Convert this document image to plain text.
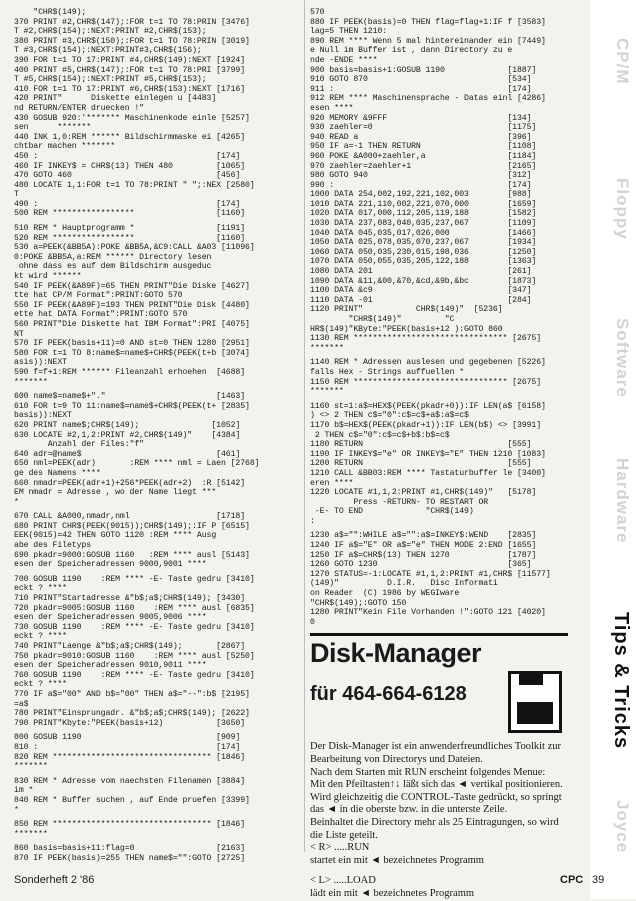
"CHR$(149);
370 PRINT #2,CHR$(147);:FOR t=1 TO 78:PRIN [3476]
T #2,CHR$(154);:NEXT:PRINT #2,CHR$(153);
380 PRINT #3,CHR$(150);:FOR t=1 TO 78:PRIN [3019]
T #3,CHR$(154);:NEXT:PRINT#3,CHR$(156);
390 FOR t=1 TO 17:PRINT #4,CHR$(149):NEXT [1924]
400 PRINT #5,CHR$(147);:FOR t=1 TO 78:PRI [3799]
T #5,CHR$(154);:NEXT:PRINT #5,CHR$(153);
410 FOR t=1 TO 17:PRINT #6,CHR$(153):NEXT [1716]
420 PRINT"      Diskette einlegen u [4483]
nd RETURN/ENTER druecken !"
430 GOSUB 920:'******* Maschinenkode einle [5257]
sen      *******
440 INK 1,0:REM ****** Bildschirmmaske ei [4265]
chtbar machen *******
450 :                                     [174]
460 IF INKEY$ = CHR$(13) THEN 480         [1065]
470 GOTO 460                              [456]
480 LOCATE 1,1:FOR t=1 TO 78:PRINT " ";:NEX [2580]
T
490 :                                     [174]
500 REM *****************                 [1160]
510 REM * Hauptprogramm *                 [1191]
520 REM *****************                 [1160]
530 a=PEEK(&BB5A):POKE &BB5A,&C9:CALL &A03 [11096]
0:POKE &BB5A,a:REM ****** Directory lesen
ohne dass es auf dem Bildschirm ausgeduc
kt wird ******
540 IF PEEK(&A89F)=65 THEN PRINT"Die Diske [4627]
tte hat CP/M Format":PRINT:GOTO 570
550 IF PEEK(&A89F)=193 THEN PRINT"Die Disk [4480]
ette hat DATA Format":PRINT:GOTO 570
560 PRINT"Die Diskette hat IBM Format":PRI [4075]
NT
570 IF PEEK(basis+11)=0 AND st=0 THEN 1280 [2951]
580 FOR t=1 TO 8:name$=name$+CHR$(PEEK(t+b [3074]
asis)):NEXT
590 f=f+1:REM ****** Fileanzahl erhoehen  [4688]
*******
600 name$=name$+"."                       [1463]
610 FOR t=9 TO 11:name$=name$+CHR$(PEEK(t+ [2835]
basis)):NEXT
620 PRINT name$;CHR$(149);               [1052]
630 LOCATE #2,1,2:PRINT #2,CHR$(149)"    [4384]
Anzahl der Files:"f"
640 adr=@name$                            [461]
650 nml=PEEK(adr)       :REM **** nml = Laen [2768]
ge des Namens ****
660 nmadr=PEEK(adr+1)+256*PEEK(adr+2)  :R [5142]
EM nmadr = Adresse , wo der Name liegt ***
*
670 CALL &A000,nmadr,nml                  [1718]
680 PRINT CHR$(PEEK(9015));CHR$(149);:IF P [6515]
EEK(9015)=42 THEN GOTO 1120 :REM **** Ausg
abe des Filetyps
690 pkadr=9000:GOSUB 1160   :REM **** ausl [5143]
esen der Speicheradressen 9000,9001 ****
700 GOSUB 1190    :REM **** -E- Taste gedru [3410]
eckt ? ****
710 PRINT"Startadresse &"b$;a$;CHR$(149); [3430]
720 pkadr=9005:GOSUB 1160    :REM **** ausl [6835]
esen der Speicheradressen 9005,9006 ****
730 GOSUB 1190    :REM **** -E- Taste gedru [3410]
eckt ? ****
740 PRINT"Laenge &"b$;a$;CHR$(149);       [2867]
750 pkadr=9010:GOSUB 1160    :REM **** ausl [5250]
esen der Speicheradressen 9010,9011 ****
760 GOSUB 1190    :REM **** -E- Taste gedru [3410]
eckt ? ****
770 IF a$="00" AND b$="00" THEN a$="--":b$ [2195]
=a$
780 PRINT"Einsprungadr. &"b$;a$;CHR$(149); [2622]
790 PRINT"Kbyte:"PEEK(basis+12)           [3650]
800 GOSUB 1190                            [909]
810 :                                     [174]
820 REM ********************************* [1846]
*******
830 REM * Adresse vom naechsten Filenamen [3884]
im *
840 REM * Buffer suchen , auf Ende pruefen [3399]
*
850 REM ********************************* [1846]
*******
860 basis=basis+11:flag=0                 [2163]
870 IF PEEK(basis)=255 THEN name$="":GOTO [2725]
570
880 IF PEEK(basis)=0 THEN flag=flag+1:IF f [3583]
lag=5 THEN 1210:
890 REM **** Wenn 5 mal hintereinander ein [7449]
e Null im Buffer ist , dann Directory zu e
nde -ENDE ****
900 basis=basis+1:GOSUB 1190             [1887]
910 GOTO 870                             [534]
911 :                                    [174]
912 REM **** Maschinensprache - Datas einl [4286]
esen ****
920 MEMORY &9FFF                         [134]
930 zaehler=0                            [1175]
940 READ a                               [396]
950 IF a=-1 THEN RETURN                  [1108]
960 POKE &A000+zaehler,a                 [1184]
970 zaehler=zaehler+1                    [2165]
980 GOTO 940                             [312]
990 :                                    [174]
1000 DATA 254,002,192,221,102,003        [988]
1010 DATA 221,110,002,221,070,000        [1659]
1020 DATA 017,000,112,205,119,188        [1582]
1030 DATA 237,083,040,035,237,067        [1109]
1040 DATA 045,035,017,026,000            [1466]
1050 DATA 025,078,035,070,237,067        [1934]
1060 DATA 050,035,230,015,198,036        [1250]
1070 DATA 050,055,035,205,122,188        [1363]
1080 DATA 201                            [261]
1090 DATA &11,&00,&70,&cd,&9b,&bc        [1873]
1100 DATA &c9                            [347]
1110 DATA -01                            [284]
1120 PRINT"           CHR$(149)"  [5236]
"CHR$(149)"         "C
HR$(149)"KByte:"PEEK(basis+12 ):GOTO 860
1130 REM ******************************** [2675]
*******
1140 REM * Adressen auslesen und gegebenen [5226]
falls Hex - Strings auffuellen *
1150 REM ******************************** [2675]
*******
1160 st=1:a$=HEX$(PEEK(pkadr+0)):IF LEN(a$ [6158]
) <> 2 THEN c$="0":c$=c$+a$:a$=c$
1170 b$=HEX$(PEEK(pkadr+1)):IF LEN(b$) <> [3991]
2 THEN c$="0":c$=c$+b$:b$=c$
1180 RETURN                              [555]
1190 IF INKEY$="e" OR INKEY$="E" THEN 1210 [1083]
1200 RETURN                              [555]
1210 CALL &BB03:REM **** Tastaturbuffer le [3400]
eren ****
1220 LOCATE #1,1,2:PRINT #1,CHR$(149)"   [5178]
Press -RETURN- TO RESTART OR
-E- TO END             "CHR$(149)
:
1230 a$="":WHILE a$="":a$=INKEY$:WEND    [2835]
1240 IF a$="E" OR a$="e" THEN MODE 2:END [1655]
1250 IF a$=CHR$(13) THEN 1270            [1787]
1260 GOTO 1230                           [365]
1270 STATUS=-1:LOCATE #1,1,2:PRINT #1,CHR$ [11577]
(149)"          D.I.R.   Disc Informati
on Reader  (C) 1986 by WEGIware
"CHR$(149);:GOTO 150
1280 PRINT"Kein File Vorhanden !":GOTO 121 [4020]
0
Disk-Manager
für 464-664-6128

Der Disk-Manager ist ein anwenderfreundliches Toolkit zur

Bearbeitung von Directorys und Dateien.

Nach dem Starten mit RUN erscheint folgendes Menue:

Mit den Pfeiltasten↑↓ läßt sich das ◄ vertikal positionieren.

Wird gleichzeitig die CONTROL-Taste gedrückt, so springt

das ◄ in die oberste bzw. in die unterste Zeile.

Beinhaltet die Directory mehr als 25 Eintragungen, so wird

die Liste geteilt.

< R> .....RUN

startet ein mit ◄ bezeichnetes Programm

< L> .....LOAD

lädt ein mit ◄ bezeichnetes Programm

CP/M
Floppy
Software
Hardware
Tips & Tricks
Joyce
Sonderheft 2 '86	CPC 39
